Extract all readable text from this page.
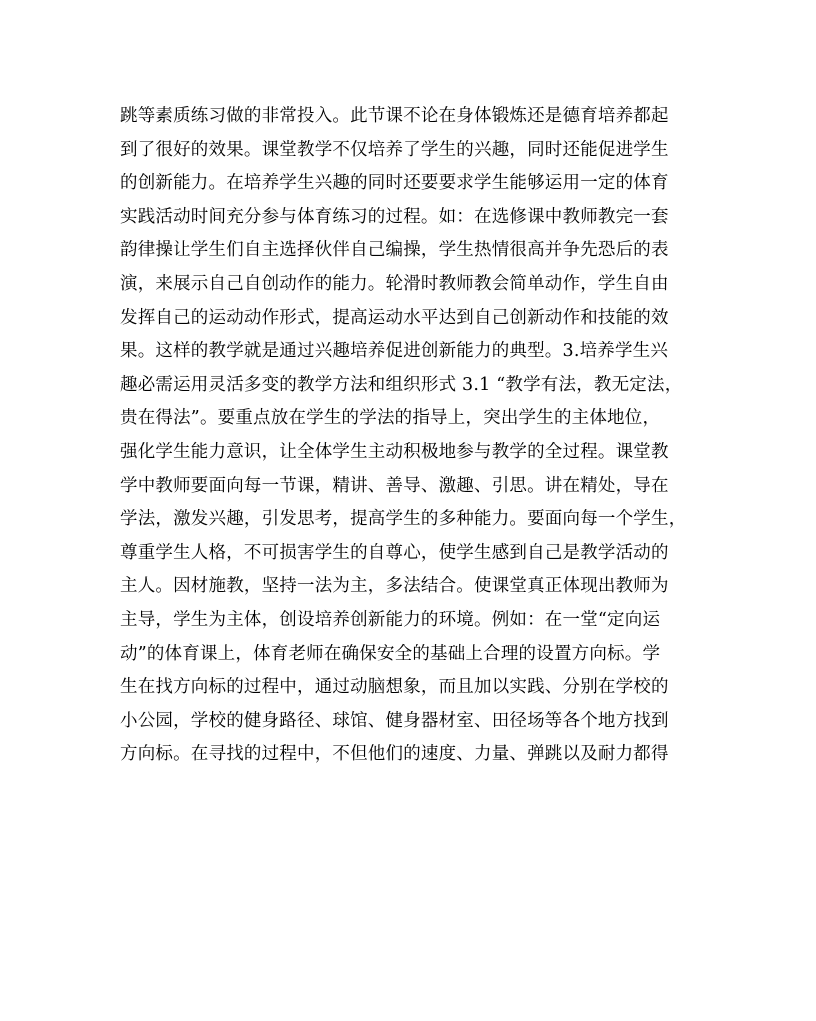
跳等素质练习做的非常投入。此节课不论在身体锻炼还是德育培养都起
到了很好的效果。课堂教学不仅培养了学生的兴趣，同时还能促进学生
的创新能力。在培养学生兴趣的同时还要要求学生能够运用一定的体育
实践活动时间充分参与体育练习的过程。如：在选修课中教师教完一套
韵律操让学生们自主选择伙伴自己编操，学生热情很高并争先恐后的表
演，来展示自己自创动作的能力。轮滑时教师教会简单动作，学生自由
发挥自己的运动动作形式，提高运动水平达到自己创新动作和技能的效
果。这样的教学就是通过兴趣培养促进创新能力的典型。3.培养学生兴
趣必需运用灵活多变的教学方法和组织形式 3.1 “教学有法，教无定法，
贵在得法”。要重点放在学生的学法的指导上，突出学生的主体地位，
强化学生能力意识，让全体学生主动积极地参与教学的全过程。课堂教
学中教师要面向每一节课，精讲、善导、激趣、引思。讲在精处，导在
学法，激发兴趣，引发思考，提高学生的多种能力。要面向每一个学生，
尊重学生人格，不可损害学生的自尊心，使学生感到自己是教学活动的
主人。因材施教，坚持一法为主，多法结合。使课堂真正体现出教师为
主导，学生为主体，创设培养创新能力的环境。例如：在一堂“定向运
动”的体育课上，体育老师在确保安全的基础上合理的设置方向标。学
生在找方向标的过程中，通过动脑想象，而且加以实践、分别在学校的
小公园，学校的健身路径、球馆、健身器材室、田径场等各个地方找到
方向标。在寻找的过程中，不但他们的速度、力量、弹跳以及耐力都得
